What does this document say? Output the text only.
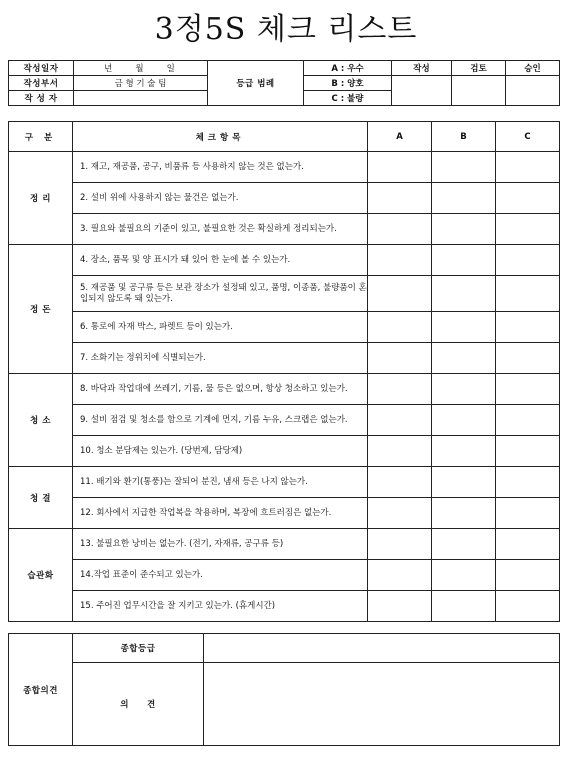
3정5S 체크 리스트
작성일자	년　　월　　일	등급 범례	A : 우수	작성	검토	승인
작성부서	금 형 기 술 팀		B : 양호			
작 성 자			C : 불량			
구 분	체크항목	A	B	C
정 리	1. 재고, 재공품, 공구, 비품류 등 사용하지 않는 것은 없는가.			
	2. 설비 위에 사용하지 않는 물건은 없는가.			
	3. 필요와 불필요의 기준이 있고, 불필요한 것은 확실하게 정리되는가.			
정 돈	4. 장소, 품목 및 양 표시가 돼 있어 한 눈에 볼 수 있는가.			
	5. 재공품 및 공구류 등은 보관 장소가 설정돼 있고, 품명, 이종품, 불량품이 혼입되지 않도록 돼 있는가.			
	6. 통로에 자재 박스, 파렛트 등이 있는가.			
	7. 소화기는 정위치에 식별되는가.			
청 소	8. 바닥과 작업대에 쓰레기, 기름, 물 등은 없으며, 항상 청소하고 있는가.			
	9. 설비 점검 및 청소를 함으로 기계에 먼지, 기름 누유, 스크랩은 없는가.			
	10. 청소 분담제는 있는가. (당번제, 담당제)			
청 결	11. 배기와 환기(통풍)는 잘되어 분진, 냄새 등은 나지 않는가.			
	12. 회사에서 지급한 작업복을 착용하며, 복장에 흐트러짐은 없는가.			
습관화	13. 불필요한 낭비는 없는가. (전기, 자재류, 공구류 등)			
	14.작업 표준이 준수되고 있는가.			
	15. 주어진 업무시간을 잘 지키고 있는가. (휴게시간)			
종합의견	종합등급	
	의　　견	
